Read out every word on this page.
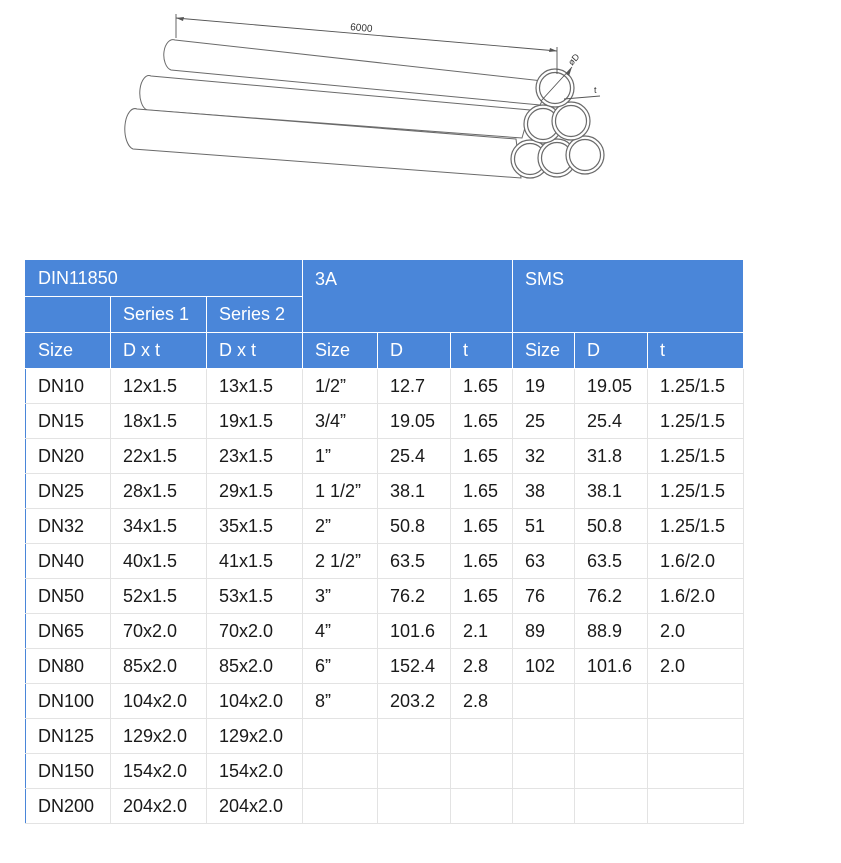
6000
øD
t
DIN11850			3A			SMS		
	Series 1	Series 2						
Size	D x t	D x t	Size	D	t	Size	D	t
DN10	12x1.5	13x1.5	1/2”	12.7	1.65	19	19.05	1.25/1.5
DN15	18x1.5	19x1.5	3/4”	19.05	1.65	25	25.4	1.25/1.5
DN20	22x1.5	23x1.5	1”	25.4	1.65	32	31.8	1.25/1.5
DN25	28x1.5	29x1.5	1 1/2”	38.1	1.65	38	38.1	1.25/1.5
DN32	34x1.5	35x1.5	2”	50.8	1.65	51	50.8	1.25/1.5
DN40	40x1.5	41x1.5	2 1/2”	63.5	1.65	63	63.5	1.6/2.0
DN50	52x1.5	53x1.5	3”	76.2	1.65	76	76.2	1.6/2.0
DN65	70x2.0	70x2.0	4”	101.6	2.1	89	88.9	2.0
DN80	85x2.0	85x2.0	6”	152.4	2.8	102	101.6	2.0
DN100	104x2.0	104x2.0	8”	203.2	2.8			
DN125	129x2.0	129x2.0						
DN150	154x2.0	154x2.0						
DN200	204x2.0	204x2.0						
